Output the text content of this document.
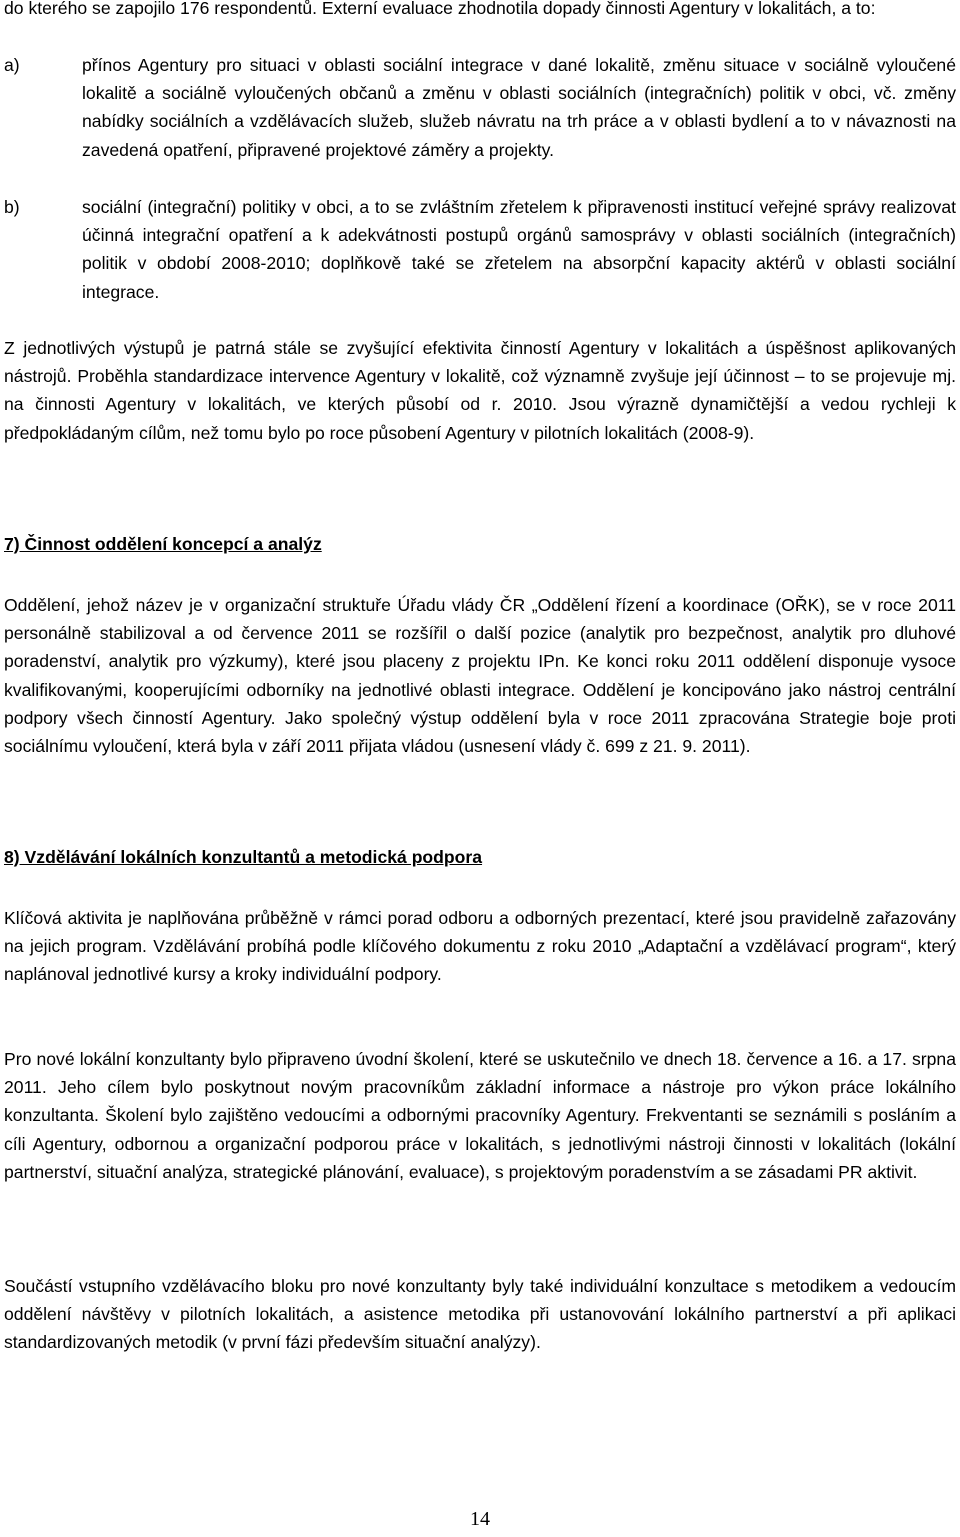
do kterého se zapojilo 176 respondentů. Externí evaluace zhodnotila dopady činnosti Agentury v lokalitách, a to:

a)	přínos Agentury pro situaci v oblasti sociální integrace v dané lokalitě, změnu situace v sociálně vyloučené lokalitě a sociálně vyloučených občanů a změnu v oblasti sociálních (integračních) politik v obci, vč. změny nabídky sociálních a vzdělávacích služeb, služeb návratu na trh práce a v oblasti bydlení a to v návaznosti na zavedená opatření, připravené projektové záměry a projekty.
b)	sociální (integrační) politiky v obci, a to se zvláštním zřetelem k připravenosti institucí veřejné správy realizovat účinná integrační opatření a k adekvátnosti postupů orgánů samosprávy v oblasti sociálních (integračních) politik v období 2008-2010; doplňkově také se zřetelem na absorpční kapacity aktérů v oblasti sociální integrace.

Z jednotlivých výstupů je patrná stále se zvyšující efektivita činností Agentury v lokalitách a úspěšnost aplikovaných nástrojů. Proběhla standardizace intervence Agentury v lokalitě, což významně zvyšuje její účinnost – to se projevuje mj. na činnosti Agentury v lokalitách, ve kterých působí od r. 2010. Jsou výrazně dynamičtější a vedou rychleji k předpokládaným cílům, než tomu bylo po roce působení Agentury v pilotních lokalitách (2008-9).

7) Činnost oddělení koncepcí a analýz

Oddělení, jehož název je v organizační struktuře Úřadu vlády ČR „Oddělení řízení a koordinace (OŘK), se v roce 2011 personálně stabilizoval a od července 2011 se rozšířil o další pozice (analytik pro bezpečnost, analytik pro dluhové poradenství, analytik pro výzkumy), které jsou placeny z projektu IPn. Ke konci roku 2011 oddělení disponuje vysoce kvalifikovanými, kooperujícími odborníky na jednotlivé oblasti integrace. Oddělení je koncipováno jako nástroj centrální podpory všech činností Agentury. Jako společný výstup oddělení byla v roce 2011 zpracována Strategie boje proti sociálnímu vyloučení, která byla v září 2011 přijata vládou (usnesení vlády č. 699 z 21. 9. 2011).

8) Vzdělávání lokálních konzultantů a metodická podpora

Klíčová aktivita je naplňována průběžně v rámci porad odboru a odborných prezentací, které jsou pravidelně zařazovány na jejich program. Vzdělávání probíhá podle klíčového dokumentu z roku 2010 „Adaptační a vzdělávací program“, který naplánoval jednotlivé kursy a kroky individuální podpory.

Pro nové lokální konzultanty bylo připraveno úvodní školení, které se uskutečnilo ve dnech 18. července a 16. a 17. srpna 2011. Jeho cílem bylo poskytnout novým pracovníkům základní informace a nástroje pro výkon práce lokálního konzultanta. Školení bylo zajištěno vedoucími a odbornými pracovníky Agentury. Frekventanti se seznámili s posláním a cíli Agentury, odbornou a organizační podporou práce v lokalitách, s jednotlivými nástroji činnosti v lokalitách (lokální partnerství, situační analýza, strategické plánování, evaluace), s projektovým poradenstvím a se zásadami PR aktivit.

Součástí vstupního vzdělávacího bloku pro nové konzultanty byly také individuální konzultace s metodikem a vedoucím oddělení návštěvy v pilotních lokalitách, a asistence metodika při ustanovování lokálního partnerství a při aplikaci standardizovaných metodik (v první fázi především situační analýzy).

14
